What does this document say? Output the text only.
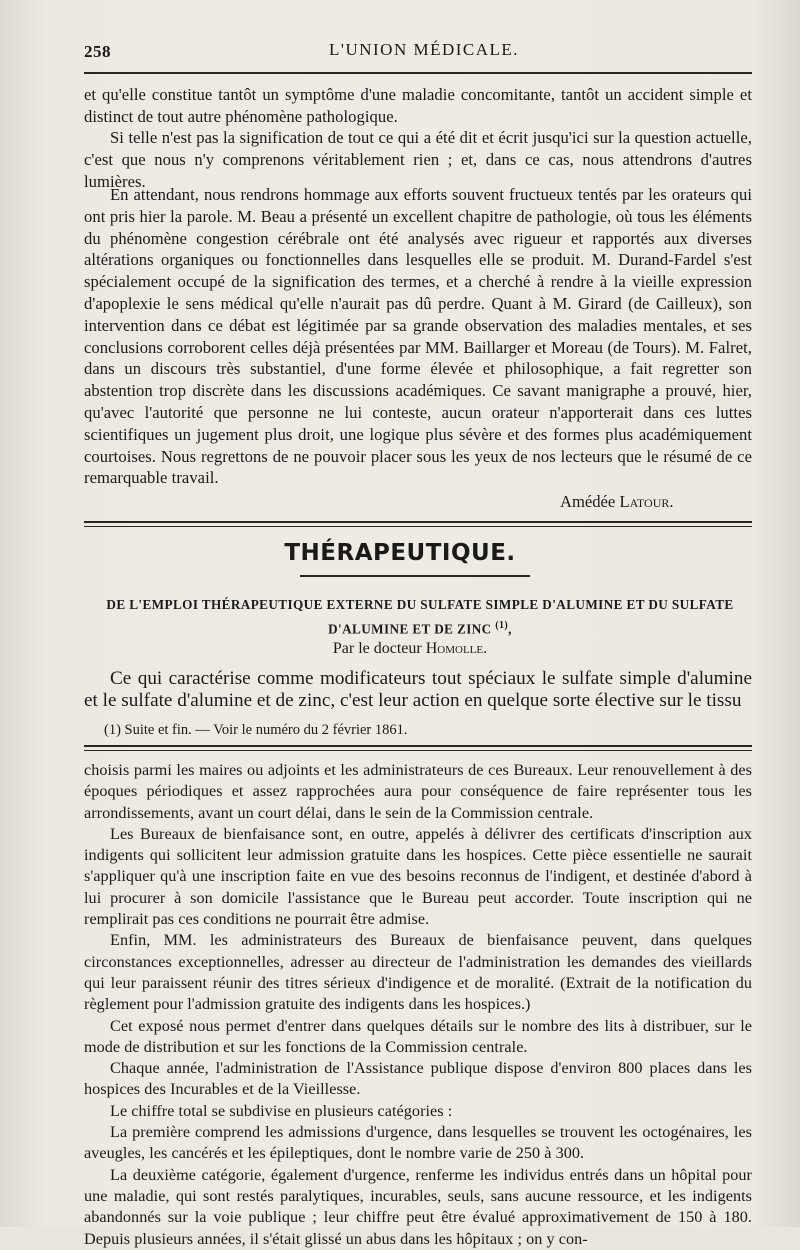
258	L'UNION MÉDICALE.

et qu'elle constitue tantôt un symptôme d'une maladie concomitante, tantôt un accident simple et distinct de tout autre phénomène pathologique.

Si telle n'est pas la signification de tout ce qui a été dit et écrit jusqu'ici sur la question actuelle, c'est que nous n'y comprenons véritablement rien ; et, dans ce cas, nous attendrons d'autres lumières.

En attendant, nous rendrons hommage aux efforts souvent fructueux tentés par les orateurs qui ont pris hier la parole. M. Beau a présenté un excellent chapitre de pathologie, où tous les éléments du phénomène congestion cérébrale ont été analysés avec rigueur et rapportés aux diverses altérations organiques ou fonctionnelles dans lesquelles elle se produit. M. Durand-Fardel s'est spécialement occupé de la signification des termes, et a cherché à rendre à la vieille expression d'apoplexie le sens médical qu'elle n'aurait pas dû perdre. Quant à M. Girard (de Cailleux), son intervention dans ce débat est légitimée par sa grande observation des maladies mentales, et ses conclusions corroborent celles déjà présentées par MM. Baillarger et Moreau (de Tours). M. Falret, dans un discours très substantiel, d'une forme élevée et philosophique, a fait regretter son abstention trop discrète dans les discussions académiques. Ce savant manigraphe a prouvé, hier, qu'avec l'autorité que personne ne lui conteste, aucun orateur n'apporterait dans ces luttes scientifiques un jugement plus droit, une logique plus sévère et des formes plus académiquement courtoises. Nous regrettons de ne pouvoir placer sous les yeux de nos lecteurs que le résumé de ce remarquable travail.

Amédée Latour.
THÉRAPEUTIQUE.
DE L'EMPLOI THÉRAPEUTIQUE EXTERNE DU SULFATE SIMPLE D'ALUMINE ET DU SULFATE
D'ALUMINE ET DE ZINC $^{(1)}$,
Par le docteur Homolle.

Ce qui caractérise comme modificateurs tout spéciaux le sulfate simple d'alumine et le sulfate d'alumine et de zinc, c'est leur action en quelque sorte élective sur le tissu

(1) Suite et fin. — Voir le numéro du 2 février 1861.

choisis parmi les maires ou adjoints et les administrateurs de ces Bureaux. Leur renouvellement à des époques périodiques et assez rapprochées aura pour conséquence de faire représenter tous les arrondissements, avant un court délai, dans le sein de la Commission centrale.

Les Bureaux de bienfaisance sont, en outre, appelés à délivrer des certificats d'inscription aux indigents qui sollicitent leur admission gratuite dans les hospices. Cette pièce essentielle ne saurait s'appliquer qu'à une inscription faite en vue des besoins reconnus de l'indigent, et destinée d'abord à lui procurer à son domicile l'assistance que le Bureau peut accorder. Toute inscription qui ne remplirait pas ces conditions ne pourrait être admise.

Enfin, MM. les administrateurs des Bureaux de bienfaisance peuvent, dans quelques circonstances exceptionnelles, adresser au directeur de l'administration les demandes des vieillards qui leur paraissent réunir des titres sérieux d'indigence et de moralité. (Extrait de la notification du règlement pour l'admission gratuite des indigents dans les hospices.)

Cet exposé nous permet d'entrer dans quelques détails sur le nombre des lits à distribuer, sur le mode de distribution et sur les fonctions de la Commission centrale.

Chaque année, l'administration de l'Assistance publique dispose d'environ 800 places dans les hospices des Incurables et de la Vieillesse.

Le chiffre total se subdivise en plusieurs catégories :

La première comprend les admissions d'urgence, dans lesquelles se trouvent les octogénaires, les aveugles, les cancérés et les épileptiques, dont le nombre varie de 250 à 300.

La deuxième catégorie, également d'urgence, renferme les individus entrés dans un hôpital pour une maladie, qui sont restés paralytiques, incurables, seuls, sans aucune ressource, et les indigents abandonnés sur la voie publique ; leur chiffre peut être évalué approximativement de 150 à 180. Depuis plusieurs années, il s'était glissé un abus dans les hôpitaux ; on y con-
